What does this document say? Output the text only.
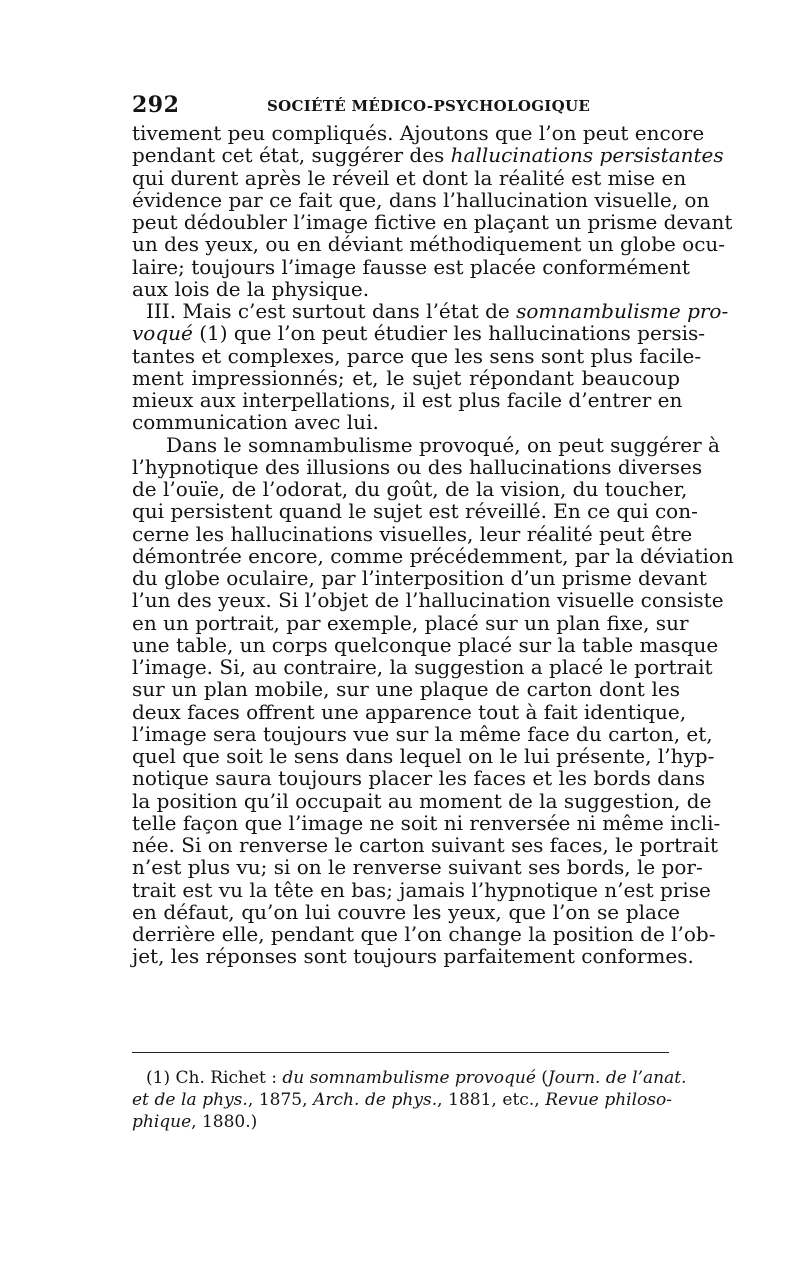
292	SOCIÉTÉ MÉDICO-PSYCHOLOGIQUE
tivement peu compliqués. Ajoutons que l’on peut encore
pendant cet état, suggérer des hallucinations persistantes
qui durent après le réveil et dont la réalité est mise en
évidence par ce fait que, dans l’hallucination visuelle, on
peut dédoubler l’image fictive en plaçant un prisme devant
un des yeux, ou en déviant méthodiquement un globe ocu-
laire; toujours l’image fausse est placée conformément
aux lois de la physique.
III. Mais c’est surtout dans l’état de somnambulisme pro-
voqué (1) que l’on peut étudier les hallucinations persis-
tantes et complexes, parce que les sens sont plus facile-
ment impressionnés; et, le sujet répondant beaucoup
mieux aux interpellations, il est plus facile d’entrer en
communication avec lui.
Dans le somnambulisme provoqué, on peut suggérer à
l’hypnotique des illusions ou des hallucinations diverses
de l’ouïe, de l’odorat, du goût, de la vision, du toucher,
qui persistent quand le sujet est réveillé. En ce qui con-
cerne les hallucinations visuelles, leur réalité peut être
démontrée encore, comme précédemment, par la déviation
du globe oculaire, par l’interposition d’un prisme devant
l’un des yeux. Si l’objet de l’hallucination visuelle consiste
en un portrait, par exemple, placé sur un plan fixe, sur
une table, un corps quelconque placé sur la table masque
l’image. Si, au contraire, la suggestion a placé le portrait
sur un plan mobile, sur une plaque de carton dont les
deux faces offrent une apparence tout à fait identique,
l’image sera toujours vue sur la même face du carton, et,
quel que soit le sens dans lequel on le lui présente, l’hyp-
notique saura toujours placer les faces et les bords dans
la position qu’il occupait au moment de la suggestion, de
telle façon que l’image ne soit ni renversée ni même incli-
née. Si on renverse le carton suivant ses faces, le portrait
n’est plus vu; si on le renverse suivant ses bords, le por-
trait est vu la tête en bas; jamais l’hypnotique n’est prise
en défaut, qu’on lui couvre les yeux, que l’on se place
derrière elle, pendant que l’on change la position de l’ob-
jet, les réponses sont toujours parfaitement conformes.
(1) Ch. Richet : du somnambulisme provoqué (Journ. de l’anat.
et de la phys., 1875, Arch. de phys., 1881, etc., Revue philoso-
phique, 1880.)
